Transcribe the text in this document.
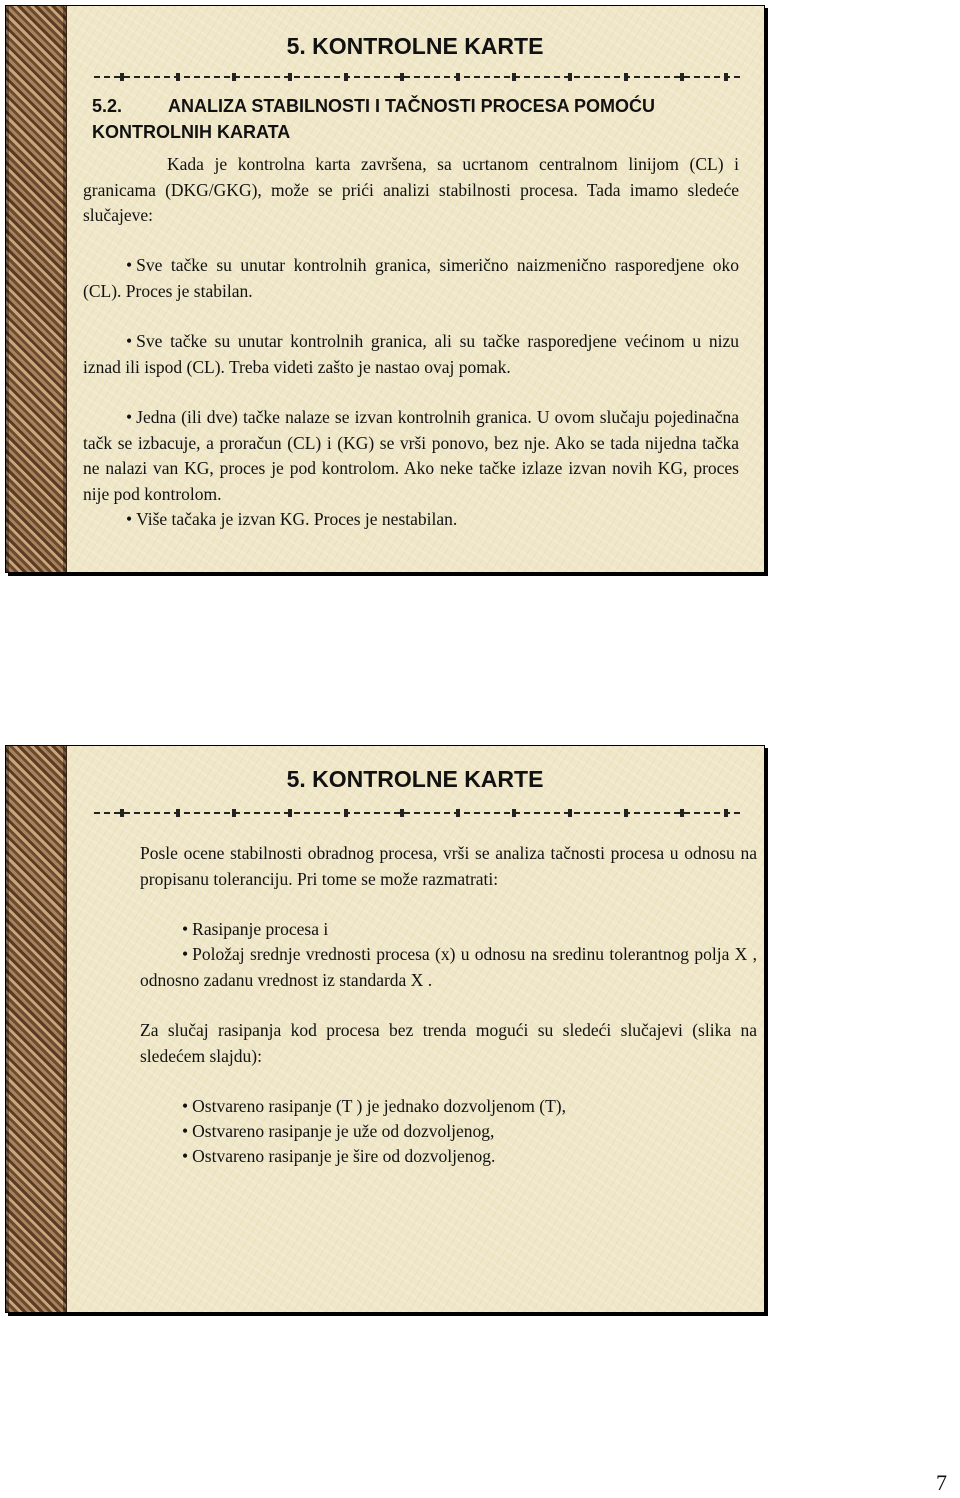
5. KONTROLNE KARTE
5.2.	ANALIZA STABILNOSTI I TAČNOSTI PROCESA POMOĆU KONTROLNIH KARATA

Kada je kontrolna karta završena, sa ucrtanom centralnom linijom (CL) i granicama (DKG/GKG), može se prići analizi stabilnosti procesa. Tada imamo sledeće slučajeve:

• Sve tačke su unutar kontrolnih granica, simerično naizmenično rasporedjene oko (CL). Proces je stabilan.

• Sve tačke su unutar kontrolnih granica, ali su tačke rasporedjene većinom u nizu iznad ili ispod (CL). Treba videti zašto je nastao ovaj pomak.

• Jedna (ili dve) tačke nalaze se izvan kontrolnih granica. U ovom slučaju pojedinačna tačk se izbacuje, a proračun (CL) i (KG) se vrši ponovo, bez nje. Ako se tada nijedna tačka ne nalazi van KG, proces je pod kontrolom. Ako neke tačke izlaze izvan novih KG, proces nije pod kontrolom.

• Više tačaka je izvan KG. Proces je nestabilan.

5. KONTROLNE KARTE

Posle ocene stabilnosti obradnog procesa, vrši se analiza tačnosti procesa u odnosu na propisanu toleranciju. Pri tome se može razmatrati:

• Rasipanje procesa i

• Položaj srednje vrednosti procesa (x) u odnosu na sredinu tolerantnog polja X , odnosno zadanu vrednost iz standarda X .

Za slučaj rasipanja kod procesa bez trenda mogući su sledeći slučajevi (slika na sledećem slajdu):

• Ostvareno rasipanje (T ) je jednako dozvoljenom (T),

• Ostvareno rasipanje je uže od dozvoljenog,

• Ostvareno rasipanje je šire od dozvoljenog.

7
